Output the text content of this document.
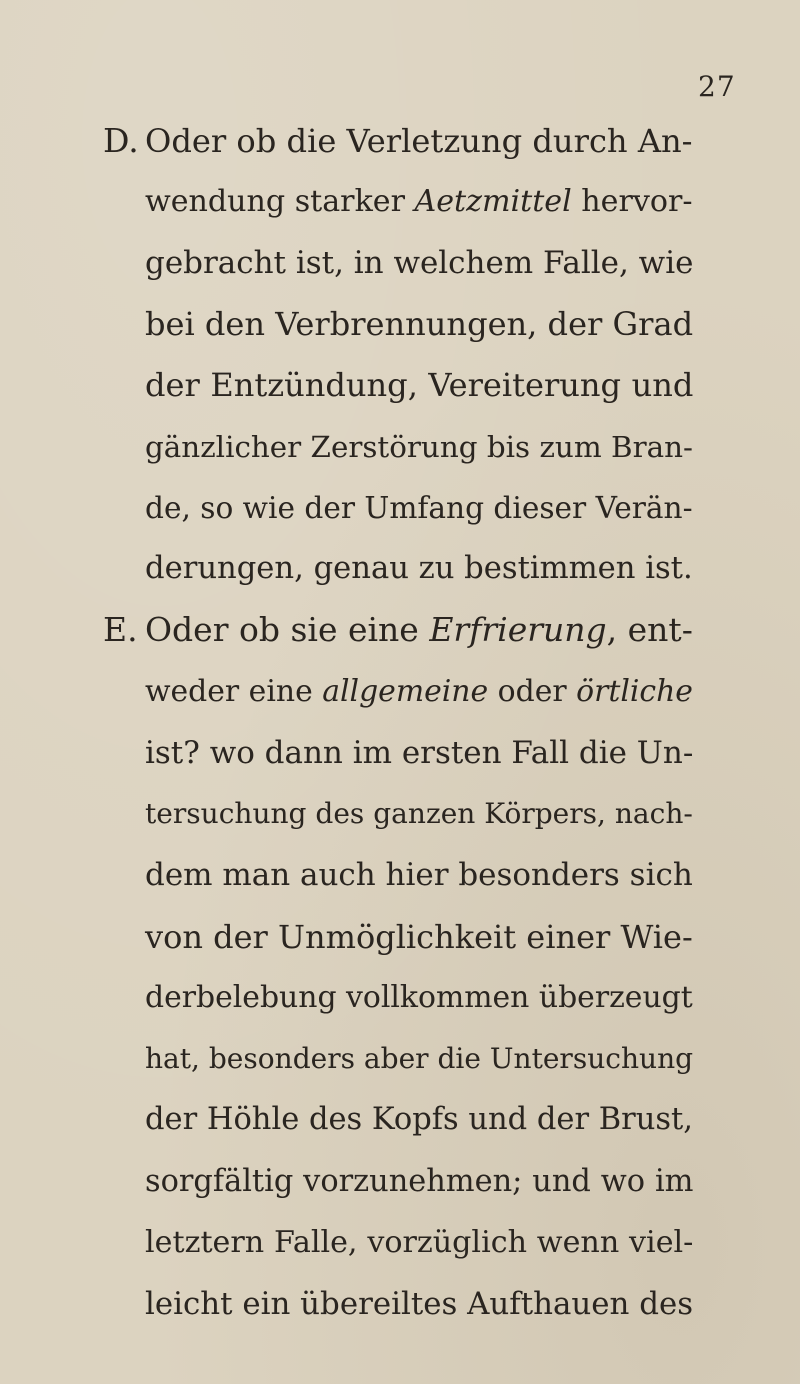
27
D. Oder ob die Verletzung durch An-
wendung starker Aetzmittel hervor-
gebracht ist, in welchem Falle, wie
bei den Verbrennungen, der Grad
der Entzündung, Vereiterung und
gänzlicher Zerstörung bis zum Bran-
de, so wie der Umfang dieser Verän-
derungen, genau zu bestimmen ist.
E. Oder ob sie eine Erfrierung, ent-
weder eine allgemeine oder örtliche
ist? wo dann im ersten Fall die Un-
tersuchung des ganzen Körpers, nach-
dem man auch hier besonders sich
von der Unmöglichkeit einer Wie-
derbelebung vollkommen überzeugt
hat, besonders aber die Untersuchung
der Höhle des Kopfs und der Brust,
sorgfältig vorzunehmen; und wo im
letztern Falle, vorzüglich wenn viel-
leicht ein übereiltes Aufthauen des
